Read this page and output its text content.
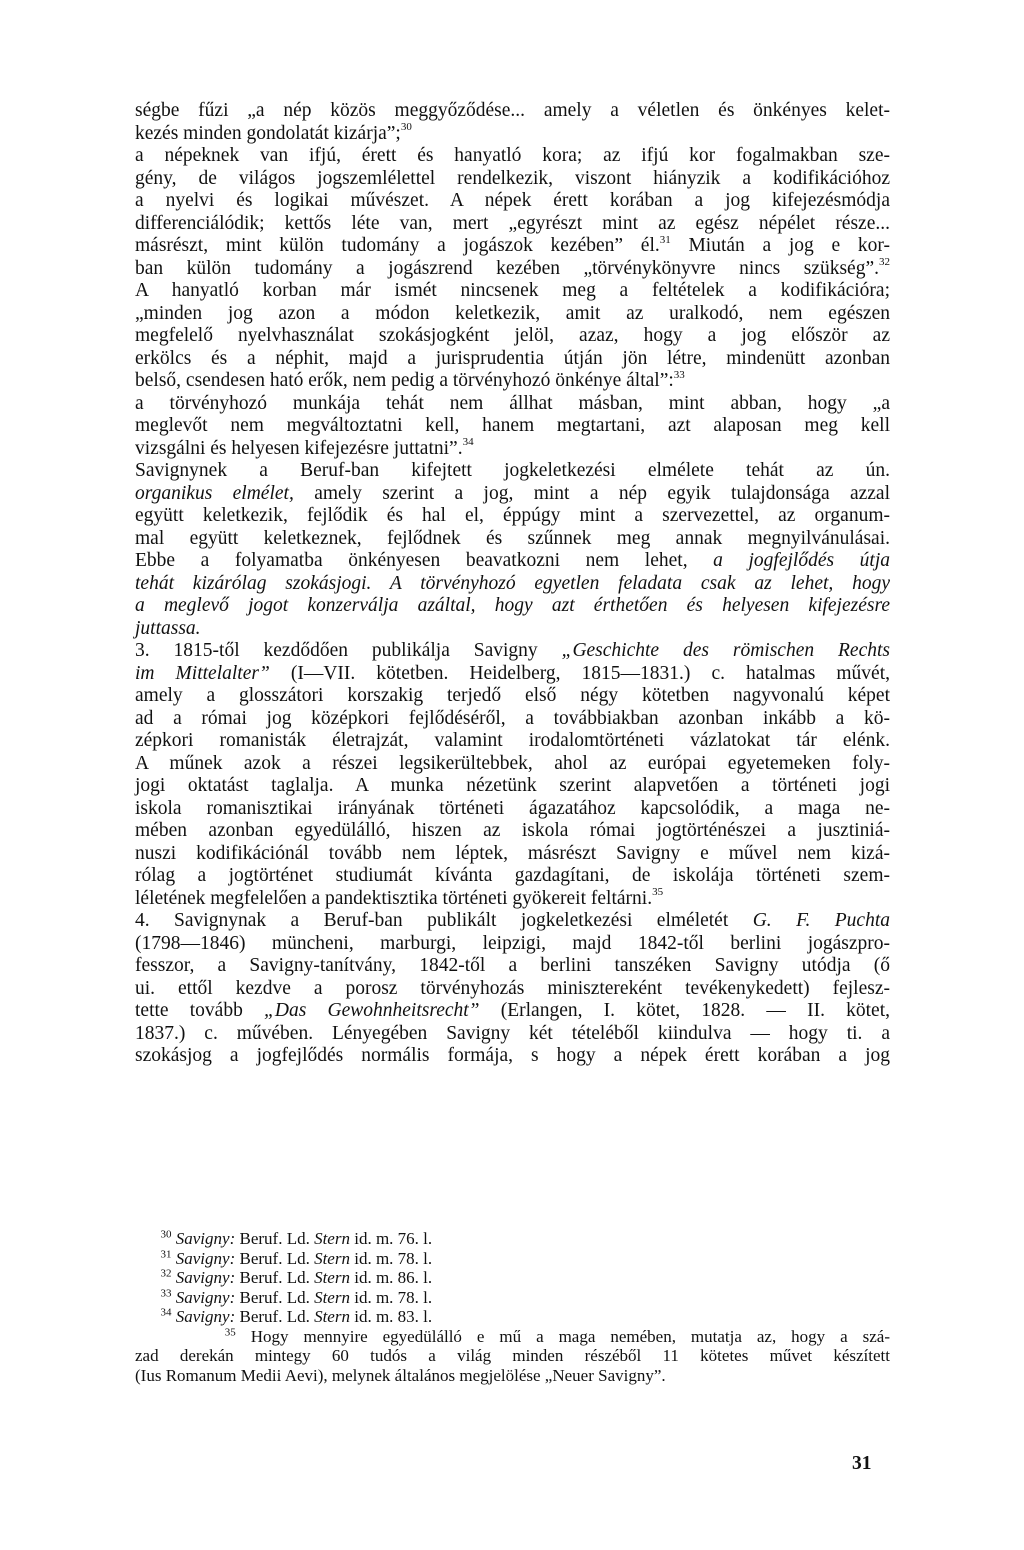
ségbe fűzi „a nép közös meggyőződése... amely a véletlen és önkényes kelet-
kezés minden gondolatát kizárja”;$^{30}$
a népeknek van ifjú, érett és hanyatló kora; az ifjú kor fogalmakban sze-
gény, de világos jogszemlélettel rendelkezik, viszont hiányzik a kodifikációhoz
a nyelvi és logikai művészet. A népek érett korában a jog kifejezésmódja
differenciálódik; kettős léte van, mert „egyrészt mint az egész népélet része...
másrészt, mint külön tudomány a jogászok kezében” él.$^{31}$ Miután a jog e kor-
ban külön tudomány a jogászrend kezében „törvénykönyvre nincs szükség”.$^{32}$
A hanyatló korban már ismét nincsenek meg a feltételek a kodifikációra;
„minden jog azon a módon keletkezik, amit az uralkodó, nem egészen
megfelelő nyelvhasználat szokásjogként jelöl, azaz, hogy a jog először az
erkölcs és a néphit, majd a jurisprudentia útján jön létre, mindenütt azonban
belső, csendesen ható erők, nem pedig a törvényhozó önkénye által”:$^{33}$
a törvényhozó munkája tehát nem állhat másban, mint abban, hogy „a
meglevőt nem megváltoztatni kell, hanem megtartani, azt alaposan meg kell
vizsgálni és helyesen kifejezésre juttatni”.$^{34}$
Savignynek a Beruf-ban kifejtett jogkeletkezési elmélete tehát az ún.
organikus elmélet, amely szerint a jog, mint a nép egyik tulajdonsága azzal
együtt keletkezik, fejlődik és hal el, éppúgy mint a szervezettel, az organum-
mal együtt keletkeznek, fejlődnek és szűnnek meg annak megnyilvánulásai.
Ebbe a folyamatba önkényesen beavatkozni nem lehet, a jogfejlődés útja
tehát kizárólag szokásjogi. A törvényhozó egyetlen feladata csak az lehet, hogy
a meglevő jogot konzerválja azáltal, hogy azt érthetően és helyesen kifejezésre
juttassa.
3. 1815-től kezdődően publikálja Savigny „Geschichte des römischen Rechts
im Mittelalter” (I—VII. kötetben. Heidelberg, 1815—1831.) c. hatalmas művét,
amely a glosszátori korszakig terjedő első négy kötetben nagyvonalú képet
ad a római jog középkori fejlődéséről, a továbbiakban azonban inkább a kö-
zépkori romanisták életrajzát, valamint irodalomtörténeti vázlatokat tár elénk.
A műnek azok a részei legsikerültebbek, ahol az európai egyetemeken foly-
jogi oktatást taglalja. A munka nézetünk szerint alapvetően a történeti jogi
iskola romanisztikai irányának történeti ágazatához kapcsolódik, a maga ne-
mében azonban egyedülálló, hiszen az iskola római jogtörténészei a jusztiniá-
nuszi kodifikációnál tovább nem léptek, másrészt Savigny e művel nem kizá-
rólag a jogtörténet studiumát kívánta gazdagítani, de iskolája történeti szem-
léletének megfelelően a pandektisztika történeti gyökereit feltárni.$^{35}$
4. Savignynak a Beruf-ban publikált jogkeletkezési elméletét G. F. Puchta
(1798—1846) müncheni, marburgi, leipzigi, majd 1842-től berlini jogászpro-
fesszor, a Savigny-tanítvány, 1842-től a berlini tanszéken Savigny utódja (ő
ui. ettől kezdve a porosz törvényhozás minisztereként tevékenykedett) fejlesz-
tette tovább „Das Gewohnheitsrecht” (Erlangen, I. kötet, 1828. — II. kötet,
1837.) c. művében. Lényegében Savigny két tételéből kiindulva — hogy ti. a
szokásjog a jogfejlődés normális formája, s hogy a népek érett korában a jog
$^{30}$ Savigny: Beruf. Ld. Stern id. m. 76. l.
$^{31}$ Savigny: Beruf. Ld. Stern id. m. 78. l.
$^{32}$ Savigny: Beruf. Ld. Stern id. m. 86. l.
$^{33}$ Savigny: Beruf. Ld. Stern id. m. 78. l.
$^{34}$ Savigny: Beruf. Ld. Stern id. m. 83. l.
$^{35}$ Hogy mennyire egyedülálló e mű a maga nemében, mutatja az, hogy a szá-
zad derekán mintegy 60 tudós a világ minden részéből 11 kötetes művet készített
(Ius Romanum Medii Aevi), melynek általános megjelölése „Neuer Savigny”.
31
